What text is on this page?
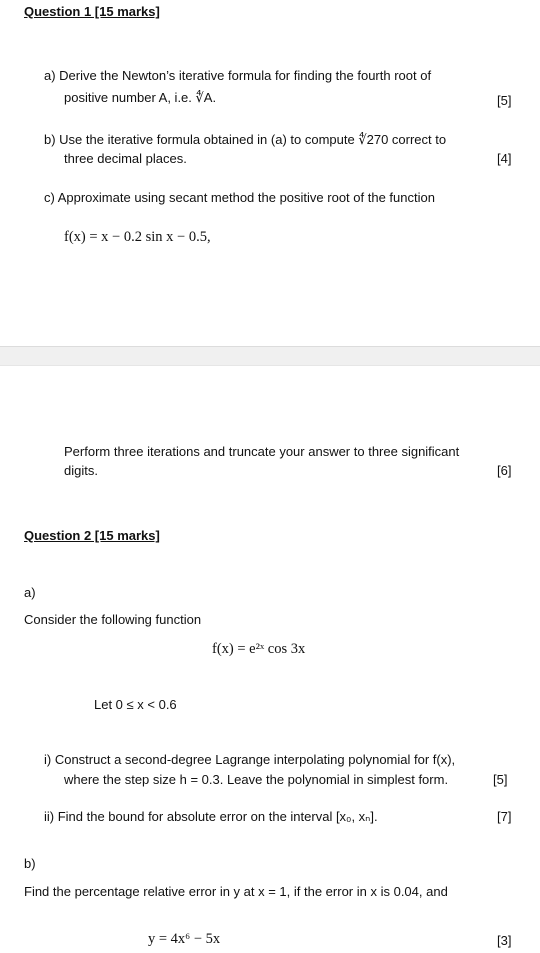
Question 1 [15 marks]
a) Derive the Newton’s iterative formula for finding the fourth root of
positive number A, i.e. ∜A.	[5]
b) Use the iterative formula obtained in (a) to compute ∜270 correct to
three decimal places.	[4]
c) Approximate using secant method the positive root of the function
f(x) = x − 0.2 sin x − 0.5,
Perform three iterations and truncate your answer to three significant
digits.	[6]
Question 2 [15 marks]
a)
Consider the following function
f(x) = e²ˣ cos 3x
Let 0 ≤ x < 0.6
i) Construct a second-degree Lagrange interpolating polynomial for f(x),
where the step size h = 0.3. Leave the polynomial in simplest form.	[5]
ii) Find the bound for absolute error on the interval [x₀, xₙ].	[7]
b)
Find the percentage relative error in y at x = 1, if the error in x is 0.04, and
y = 4x⁶ − 5x	[3]
